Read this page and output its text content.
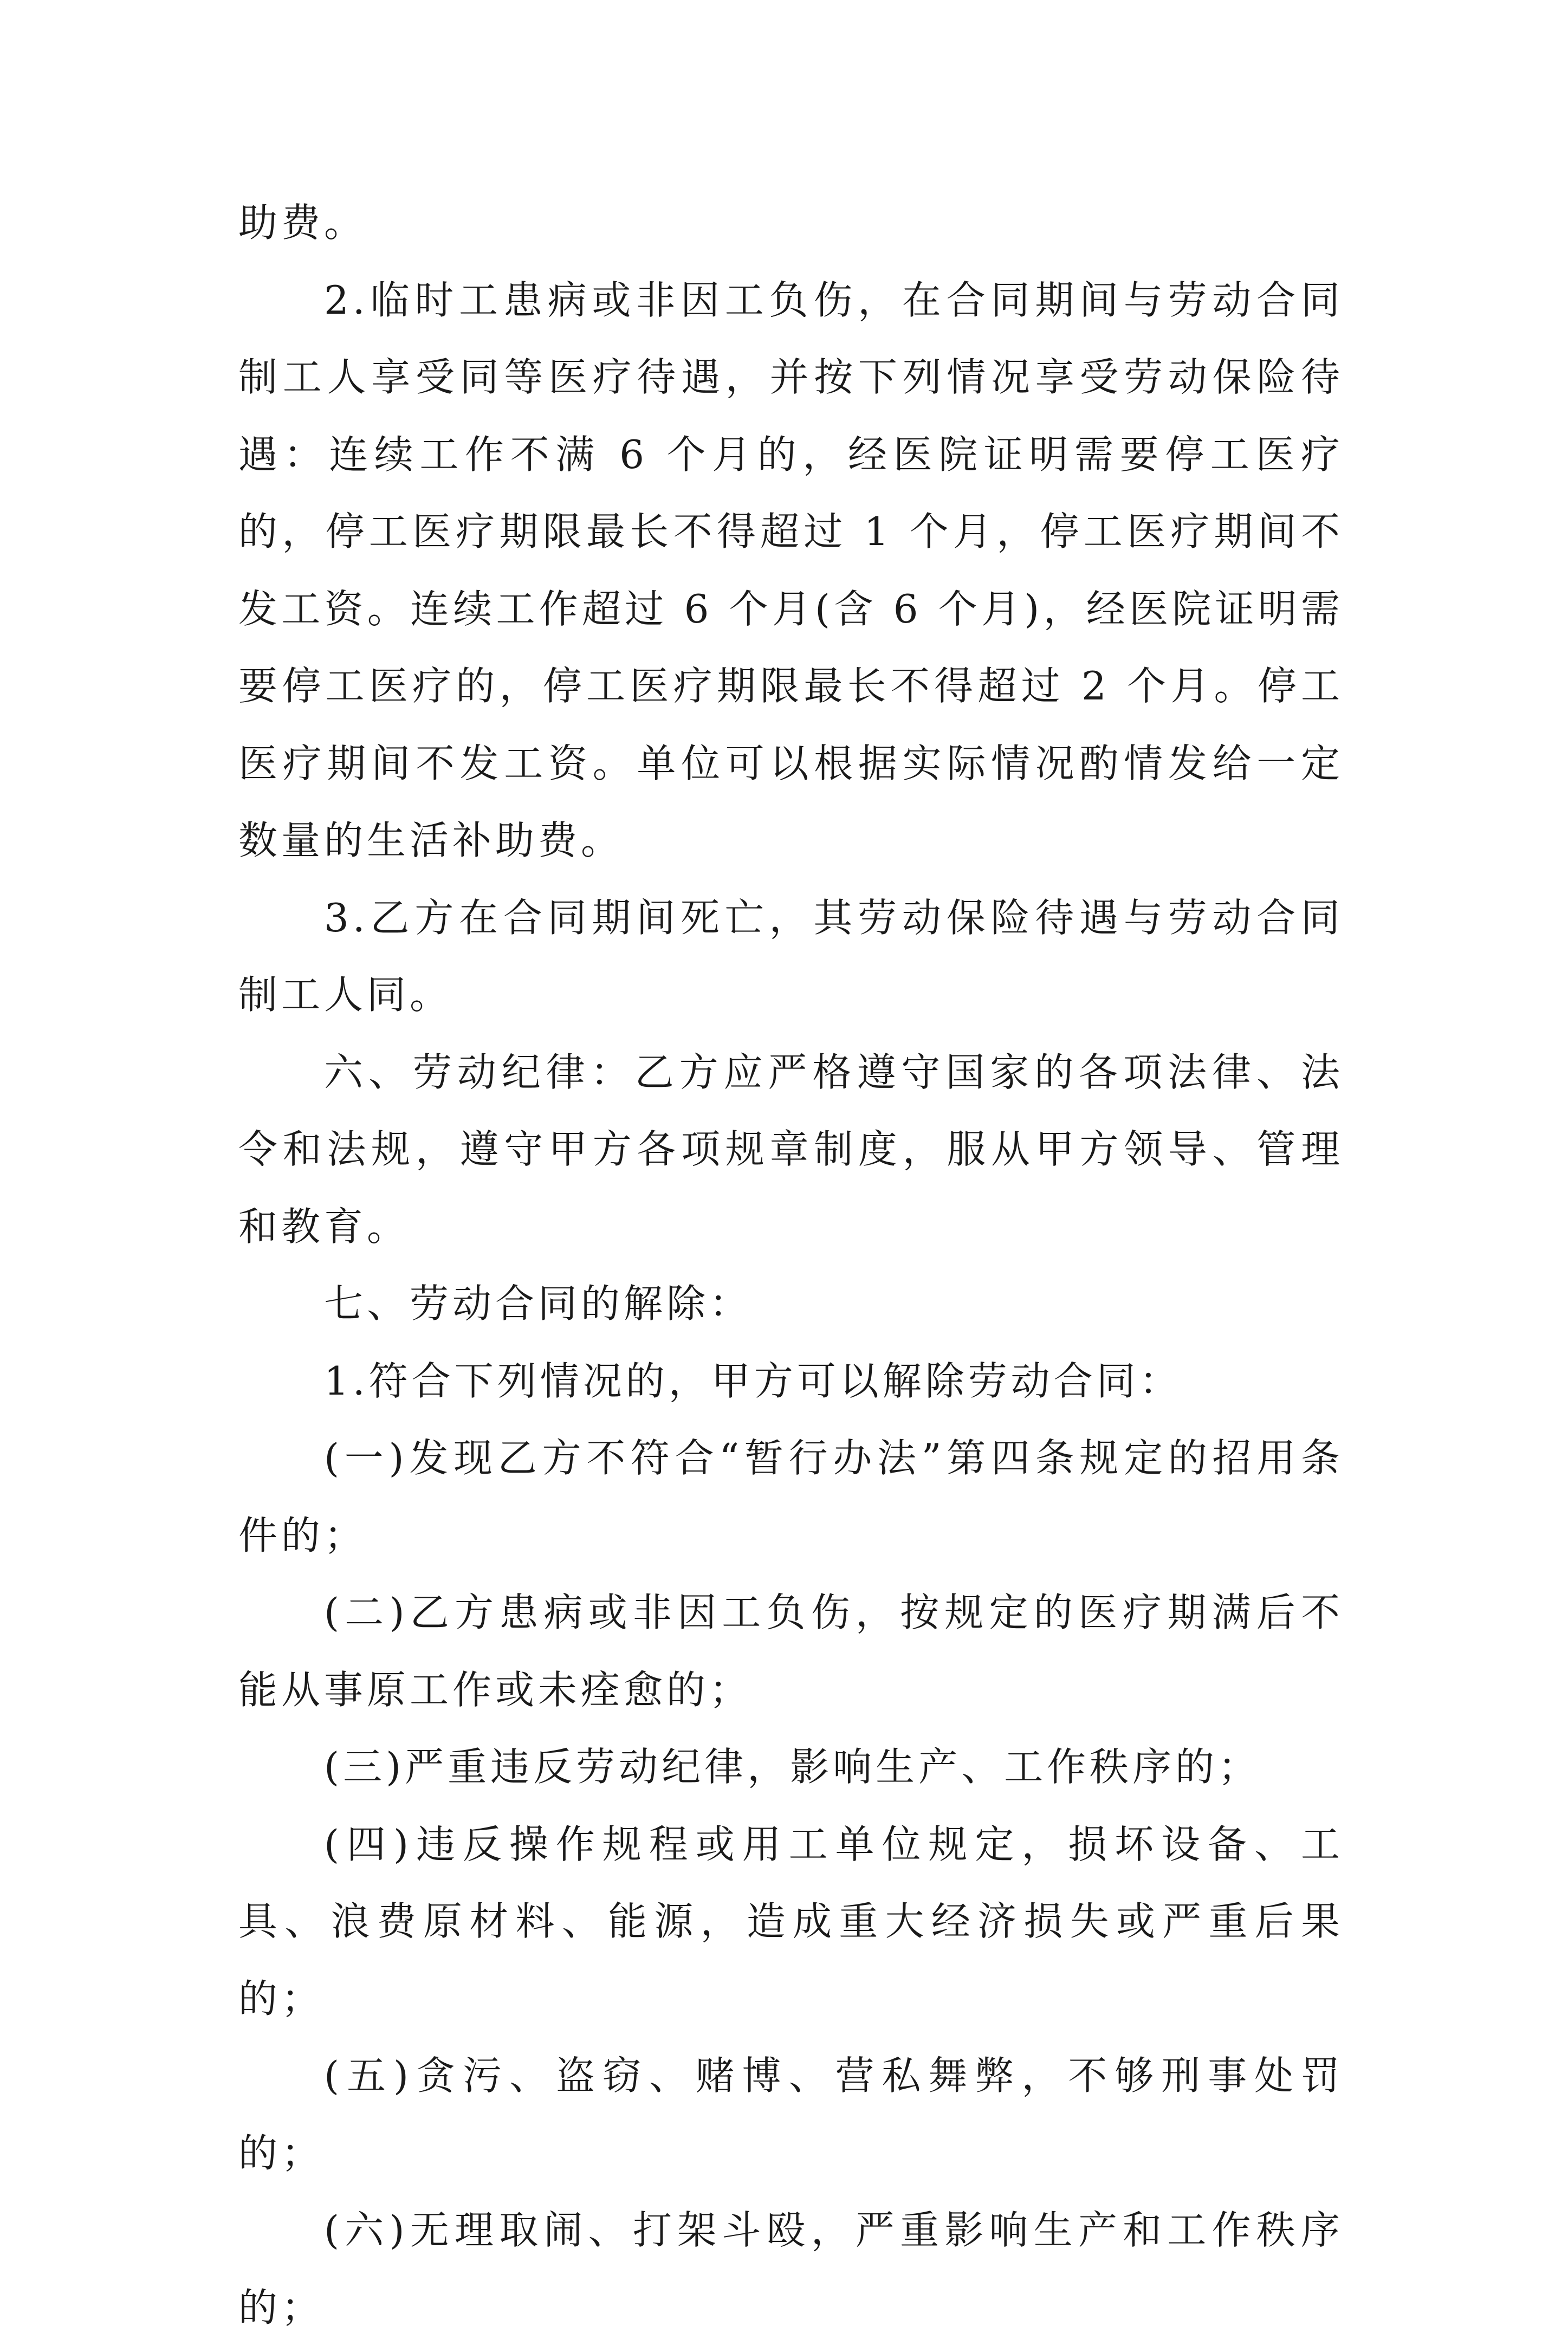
助费。

2.临时工患病或非因工负伤，在合同期间与劳动合同制工人享受同等医疗待遇，并按下列情况享受劳动保险待遇：连续工作不满 6 个月的，经医院证明需要停工医疗的，停工医疗期限最长不得超过 1 个月，停工医疗期间不发工资。连续工作超过 6 个月(含 6 个月)，经医院证明需要停工医疗的，停工医疗期限最长不得超过 2 个月。停工医疗期间不发工资。单位可以根据实际情况酌情发给一定数量的生活补助费。

3.乙方在合同期间死亡，其劳动保险待遇与劳动合同制工人同。

六、劳动纪律：乙方应严格遵守国家的各项法律、法令和法规，遵守甲方各项规章制度，服从甲方领导、管理和教育。

七、劳动合同的解除：

1.符合下列情况的，甲方可以解除劳动合同：

(一)发现乙方不符合“暂行办法”第四条规定的招用条件的；

(二)乙方患病或非因工负伤，按规定的医疗期满后不能从事原工作或未痊愈的；

(三)严重违反劳动纪律，影响生产、工作秩序的；

(四)违反操作规程或用工单位规定，损坏设备、工具、浪费原材料、能源，造成重大经济损失或严重后果的；

(五)贪污、盗窃、赌博、营私舞弊，不够刑事处罚的；

(六)无理取闹、打架斗殴，严重影响生产和工作秩序的；
